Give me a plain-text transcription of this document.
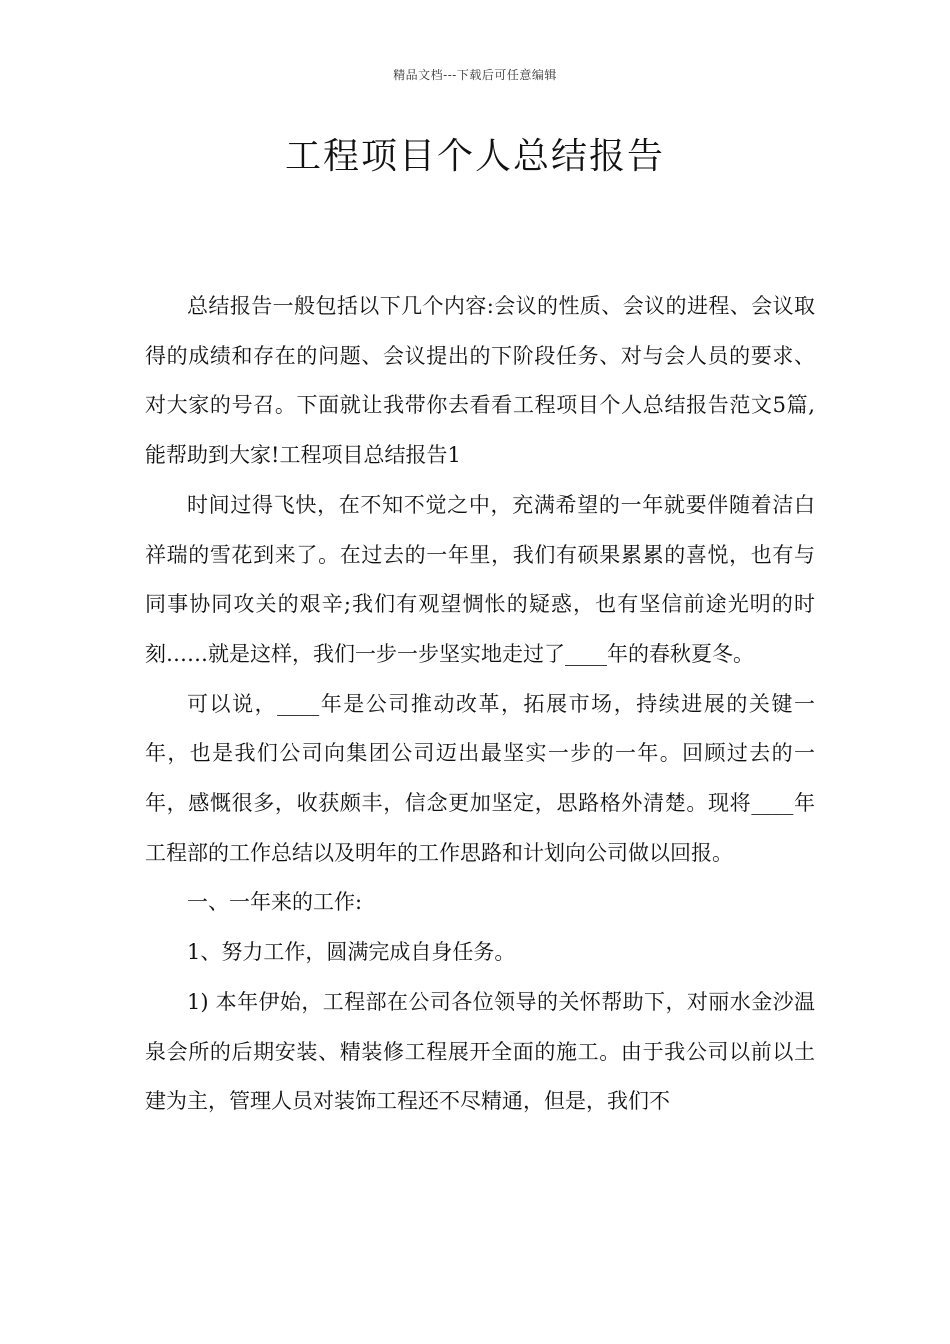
精品文档---下载后可任意编辑
工程项目个人总结报告

总结报告一般包括以下几个内容:会议的性质、会议的进程、会议取得的成绩和存在的问题、会议提出的下阶段任务、对与会人员的要求、对大家的号召。下面就让我带你去看看工程项目个人总结报告范文5篇,能帮助到大家!工程项目总结报告1

时间过得飞快，在不知不觉之中，充满希望的一年就要伴随着洁白祥瑞的雪花到来了。在过去的一年里，我们有硕果累累的喜悦，也有与同事协同攻关的艰辛;我们有观望惆怅的疑惑，也有坚信前途光明的时刻……就是这样，我们一步一步坚实地走过了____年的春秋夏冬。

可以说，____年是公司推动改革，拓展市场，持续进展的关键一年，也是我们公司向集团公司迈出最坚实一步的一年。回顾过去的一年，感慨很多，收获颇丰，信念更加坚定，思路格外清楚。现将____年工程部的工作总结以及明年的工作思路和计划向公司做以回报。

一、一年来的工作:

1、努力工作，圆满完成自身任务。

1) 本年伊始，工程部在公司各位领导的关怀帮助下，对丽水金沙温泉会所的后期安装、精装修工程展开全面的施工。由于我公司以前以土建为主，管理人员对装饰工程还不尽精通，但是，我们不
